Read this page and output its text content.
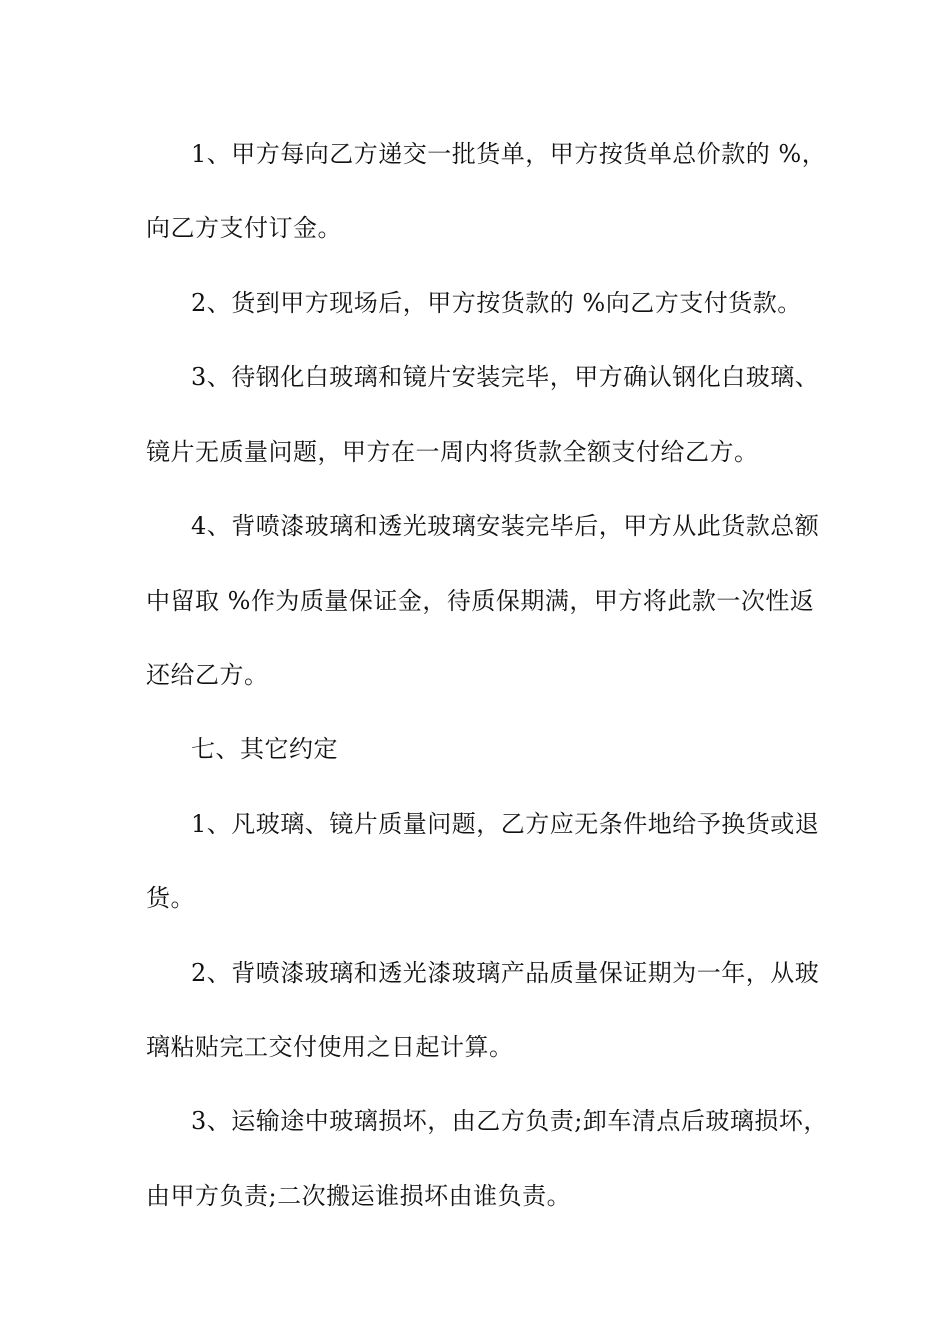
1、甲方每向乙方递交一批货单，甲方按货单总价款的 %，
向乙方支付订金。
2、货到甲方现场后，甲方按货款的 %向乙方支付货款。
3、待钢化白玻璃和镜片安装完毕，甲方确认钢化白玻璃、
镜片无质量问题，甲方在一周内将货款全额支付给乙方。
4、背喷漆玻璃和透光玻璃安装完毕后，甲方从此货款总额
中留取 %作为质量保证金，待质保期满，甲方将此款一次性返
还给乙方。
七、其它约定
1、凡玻璃、镜片质量问题，乙方应无条件地给予换货或退
货。
2、背喷漆玻璃和透光漆玻璃产品质量保证期为一年，从玻
璃粘贴完工交付使用之日起计算。
3、运输途中玻璃损坏，由乙方负责;卸车清点后玻璃损坏，
由甲方负责;二次搬运谁损坏由谁负责。
